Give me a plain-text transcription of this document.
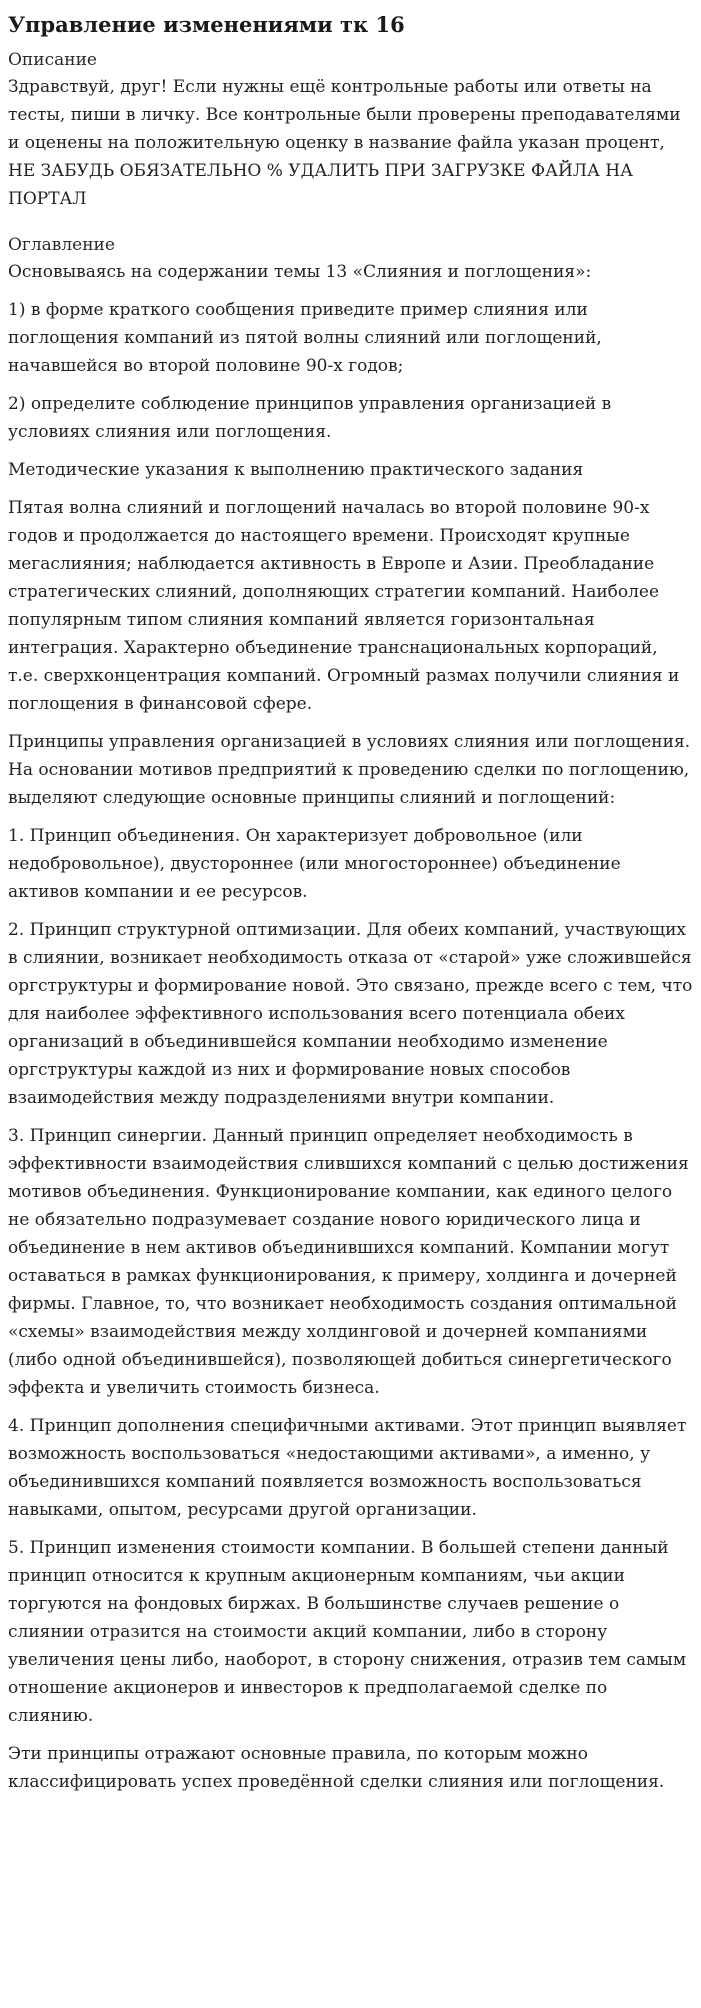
Управление изменениями тк 16
Описание

Здравствуй, друг! Если нужны ещё контрольные работы или ответы на тесты, пиши в личку. Все контрольные были проверены преподавателями и оценены на положительную оценку в название файла указан процент, НЕ ЗАБУДЬ ОБЯЗАТЕЛЬНО % УДАЛИТЬ ПРИ ЗАГРУЗКЕ ФАЙЛА НА ПОРТАЛ

Оглавление

Основываясь на содержании темы 13 «Слияния и поглощения»:

1) в форме краткого сообщения приведите пример слияния или поглощения компаний из пятой волны слияний или поглощений, начавшейся во второй половине 90-х годов;

2) определите соблюдение принципов управления организацией в условиях слияния или поглощения.

Методические указания к выполнению практического задания

Пятая волна слияний и поглощений началась во второй половине 90-х годов и продолжается до настоящего времени. Происходят крупные мегаслияния; наблюдается активность в Европе и Азии. Преобладание стратегических слияний, дополняющих стратегии компаний. Наиболее популярным типом слияния компаний является горизонтальная интеграция. Характерно объединение транснациональных корпораций, т.е. сверхконцентрация компаний. Огромный размах получили слияния и поглощения в финансовой сфере.

Принципы управления организацией в условиях слияния или поглощения. На основании мотивов предприятий к проведению сделки по поглощению, выделяют следующие основные принципы слияний и поглощений:

1. Принцип объединения. Он характеризует добровольное (или недобровольное), двустороннее (или многостороннее) объединение активов компании и ее ресурсов.

2. Принцип структурной оптимизации. Для обеих компаний, участвующих в слиянии, возникает необходимость отказа от «старой» уже сложившейся оргструктуры и формирование новой. Это связано, прежде всего с тем, что для наиболее эффективного использования всего потенциала обеих организаций в объединившейся компании необходимо изменение оргструктуры каждой из них и формирование новых способов взаимодействия между подразделениями внутри компании.

3. Принцип синергии. Данный принцип определяет необходимость в эффективности взаимодействия слившихся компаний с целью достижения мотивов объединения. Функционирование компании, как единого целого не обязательно подразумевает создание нового юридического лица и объединение в нем активов объединившихся компаний. Компании могут оставаться в рамках функционирования, к примеру, холдинга и дочерней фирмы. Главное, то, что возникает необходимость создания оптимальной «схемы» взаимодействия между холдинговой и дочерней компаниями (либо одной объединившейся), позволяющей добиться синергетического эффекта и увеличить стоимость бизнеса.

4. Принцип дополнения специфичными активами. Этот принцип выявляет возможность воспользоваться «недостающими активами», а именно, у объединившихся компаний появляется возможность воспользоваться навыками, опытом, ресурсами другой организации.

5. Принцип изменения стоимости компании. В большей степени данный принцип относится к крупным акционерным компаниям, чьи акции торгуются на фондовых биржах. В большинстве случаев решение о слиянии отразится на стоимости акций компании, либо в сторону увеличения цены либо, наоборот, в сторону снижения, отразив тем самым отношение акционеров и инвесторов к предполагаемой сделке по слиянию.

Эти принципы отражают основные правила, по которым можно классифицировать успех проведённой сделки слияния или поглощения.
